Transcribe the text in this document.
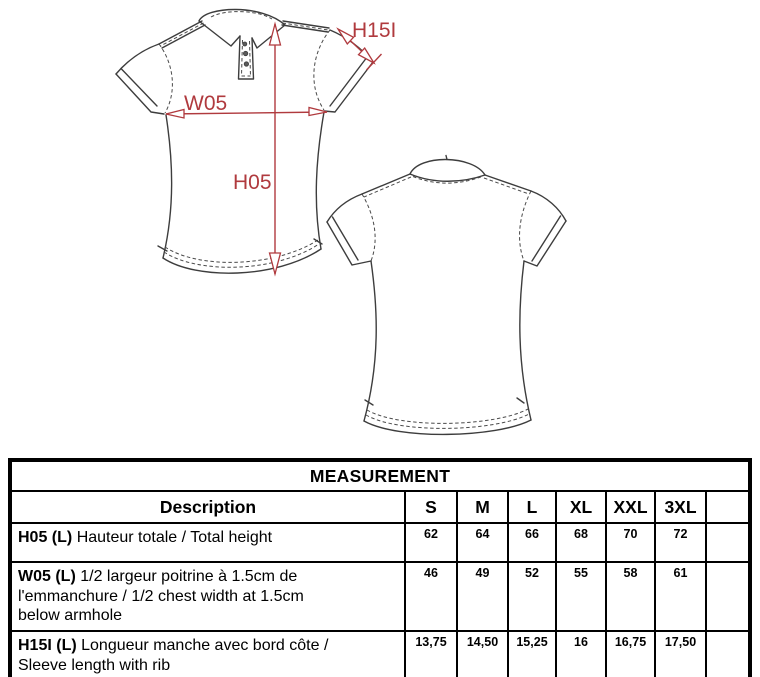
H05
W05
H15I
MEASUREMENT							
Description	S	M	L	XL	XXL	3XL	

H05 (L) Hauteur totale / Total height	62	64	66	68	70	72	

W05 (L) 1/2 largeur poitrine à 1.5cm de
l'emmanchure / 1/2 chest width at 1.5cm
below armhole	46	49	52	55	58	61	

H15I (L) Longueur manche avec bord côte /
Sleeve length with rib	13,75	14,50	15,25	16	16,75	17,50	
